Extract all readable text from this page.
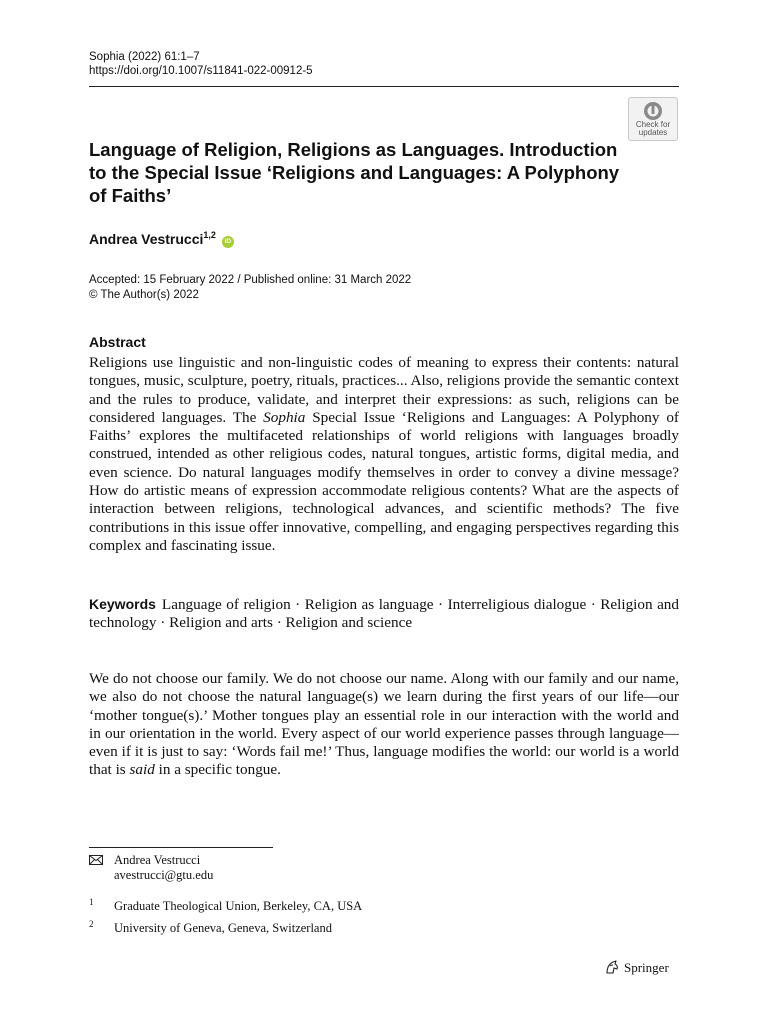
Sophia (2022) 61:1–7
https://doi.org/10.1007/s11841-022-00912-5
Check for
updates
Language of Religion, Religions as Languages. Introduction to the Special Issue ‘Religions and Languages: A Polyphony of Faiths’
Andrea Vestrucci$^{1,2}$ iD
Accepted: 15 February 2022 / Published online: 31 March 2022
© The Author(s) 2022
Abstract

Religions use linguistic and non-linguistic codes of meaning to express their contents: natural tongues, music, sculpture, poetry, rituals, practices... Also, religions provide the semantic context and the rules to produce, validate, and interpret their expressions: as such, religions can be considered languages. The Sophia Special Issue ‘Religions and Languages: A Polyphony of Faiths’ explores the multifaceted relationships of world religions with languages broadly construed, intended as other religious codes, natural tongues, artistic forms, digital media, and even science. Do natural languages modify themselves in order to convey a divine message? How do artistic means of expression accommodate religious contents? What are the aspects of interaction between religions, technological advances, and scientific methods? The five contributions in this issue offer innovative, compelling, and engaging perspectives regarding this complex and fascinating issue.

Keywords Language of religion · Religion as language · Interreligious dialogue · Religion and technology · Religion and arts · Religion and science

We do not choose our family. We do not choose our name. Along with our family and our name, we also do not choose the natural language(s) we learn during the first years of our life—our ‘mother tongue(s).’ Mother tongues play an essential role in our interaction with the world and in our orientation in the world. Every aspect of our world experience passes through language—even if it is just to say: ‘Words fail me!’ Thus, language modifies the world: our world is a world that is said in a specific tongue.

Andrea Vestrucci
avestrucci@gtu.edu
1 Graduate Theological Union, Berkeley, CA, USA
2 University of Geneva, Geneva, Switzerland
Springer
